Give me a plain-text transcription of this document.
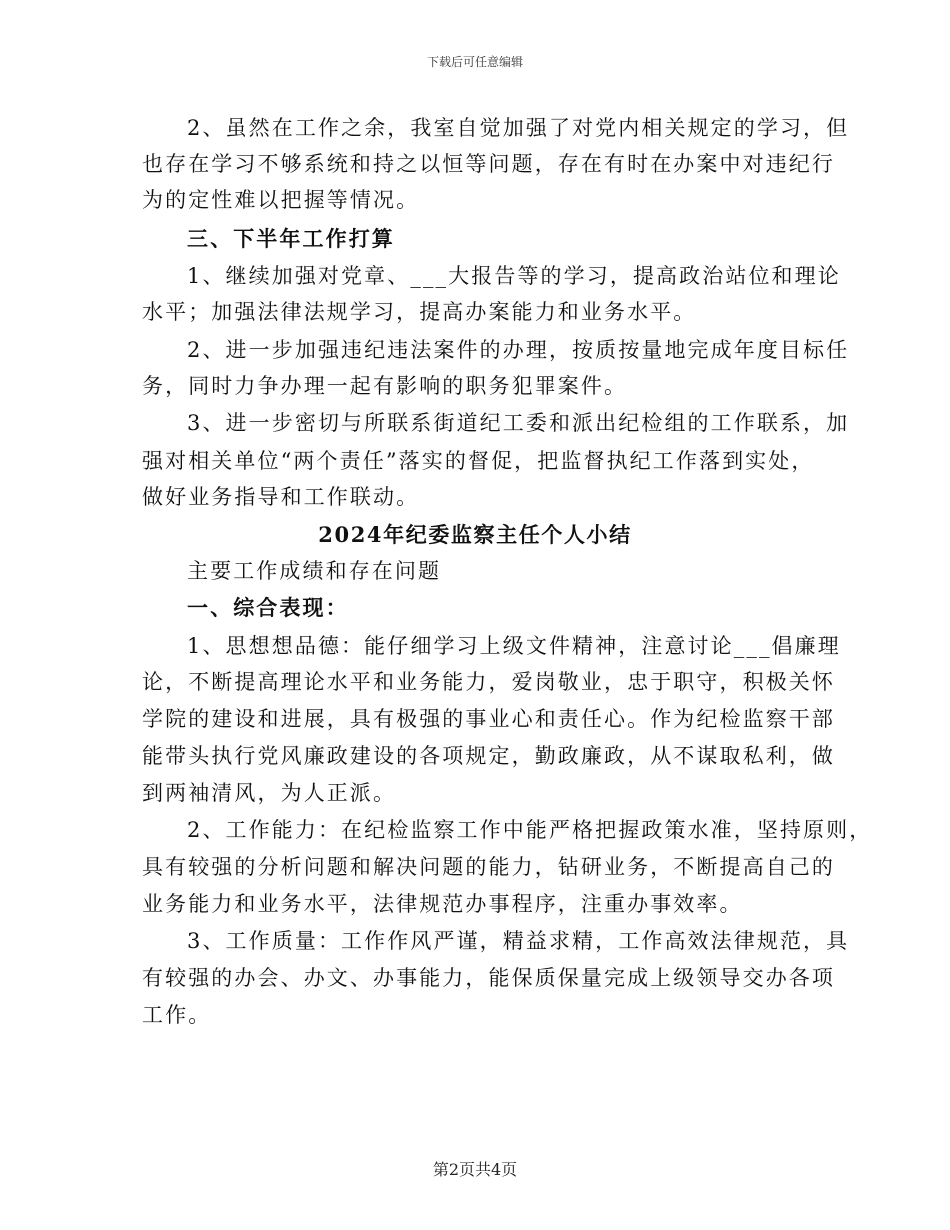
下载后可任意编辑
2、虽然在工作之余，我室自觉加强了对党内相关规定的学习，但
也存在学习不够系统和持之以恒等问题，存在有时在办案中对违纪行
为的定性难以把握等情况。
三、下半年工作打算
1、继续加强对党章、___大报告等的学习，提高政治站位和理论
水平；加强法律法规学习，提高办案能力和业务水平。
2、进一步加强违纪违法案件的办理，按质按量地完成年度目标任
务，同时力争办理一起有影响的职务犯罪案件。
3、进一步密切与所联系街道纪工委和派出纪检组的工作联系，加
强对相关单位“两个责任”落实的督促，把监督执纪工作落到实处，
做好业务指导和工作联动。
2024年纪委监察主任个人小结
主要工作成绩和存在问题
一、综合表现：
1、思想想品德：能仔细学习上级文件精神，注意讨论___倡廉理
论，不断提高理论水平和业务能力，爱岗敬业，忠于职守，积极关怀
学院的建设和进展，具有极强的事业心和责任心。作为纪检监察干部
能带头执行党风廉政建设的各项规定，勤政廉政，从不谋取私利，做
到两袖清风，为人正派。
2、工作能力：在纪检监察工作中能严格把握政策水准，坚持原则，
具有较强的分析问题和解决问题的能力，钻研业务，不断提高自己的
业务能力和业务水平，法律规范办事程序，注重办事效率。
3、工作质量：工作作风严谨，精益求精，工作高效法律规范，具
有较强的办会、办文、办事能力，能保质保量完成上级领导交办各项
工作。
第2页共4页
